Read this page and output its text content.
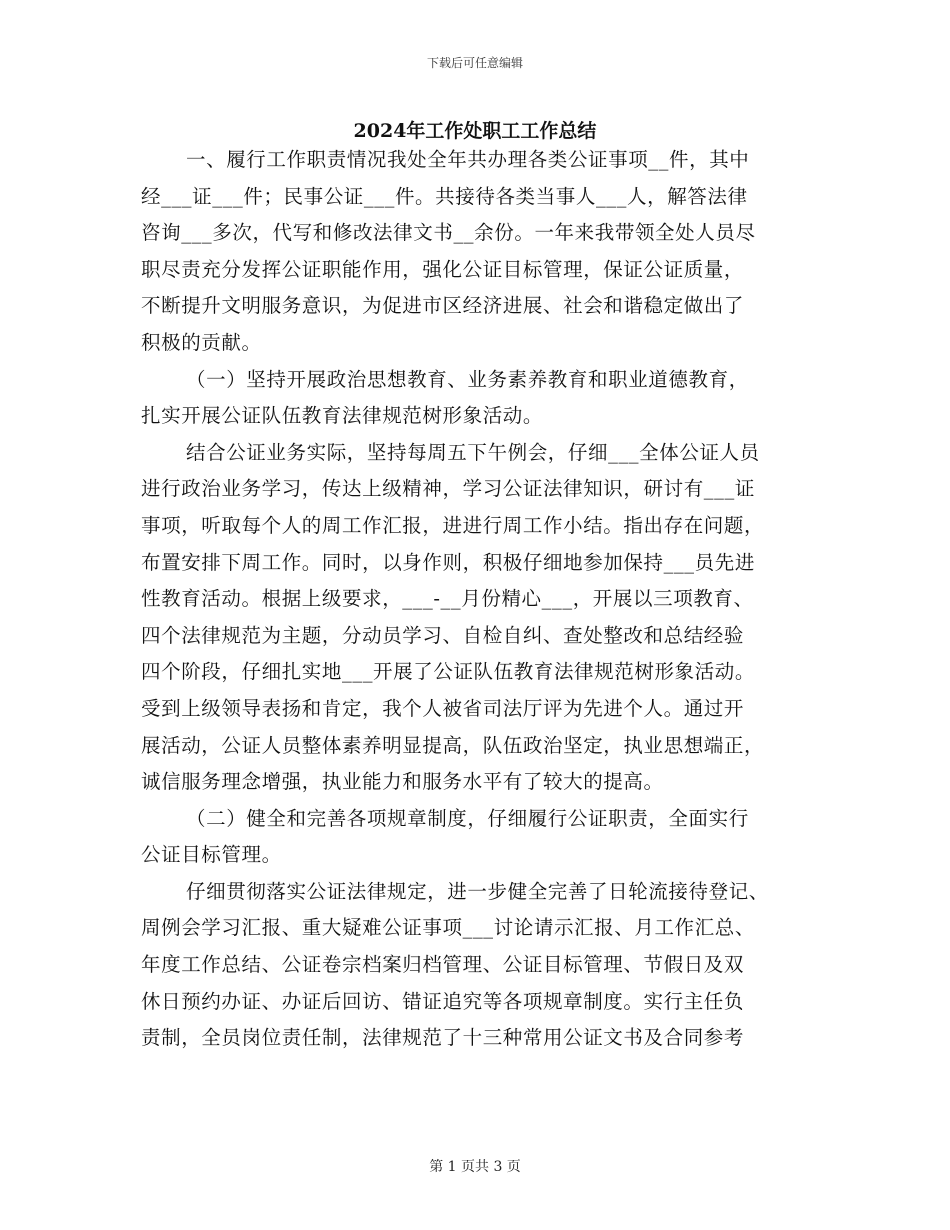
下载后可任意编辑
2024年工作处职工工作总结

一、履行工作职责情况我处全年共办理各类公证事项__件，其中

经___证___件；民事公证___件。共接待各类当事人___人，解答法律

咨询___多次，代写和修改法律文书__余份。一年来我带领全处人员尽

职尽责充分发挥公证职能作用，强化公证目标管理，保证公证质量，

不断提升文明服务意识，为促进市区经济进展、社会和谐稳定做出了

积极的贡献。

（一）坚持开展政治思想教育、业务素养教育和职业道德教育，

扎实开展公证队伍教育法律规范树形象活动。

结合公证业务实际，坚持每周五下午例会，仔细___全体公证人员

进行政治业务学习，传达上级精神，学习公证法律知识，研讨有___证

事项，听取每个人的周工作汇报，进进行周工作小结。指出存在问题，

布置安排下周工作。同时，以身作则，积极仔细地参加保持___员先进

性教育活动。根据上级要求，___-__月份精心___，开展以三项教育、

四个法律规范为主题，分动员学习、自检自纠、查处整改和总结经验

四个阶段，仔细扎实地___开展了公证队伍教育法律规范树形象活动。

受到上级领导表扬和肯定，我个人被省司法厅评为先进个人。通过开

展活动，公证人员整体素养明显提高，队伍政治坚定，执业思想端正，

诚信服务理念增强，执业能力和服务水平有了较大的提高。

（二）健全和完善各项规章制度，仔细履行公证职责，全面实行

公证目标管理。

仔细贯彻落实公证法律规定，进一步健全完善了日轮流接待登记、

周例会学习汇报、重大疑难公证事项___讨论请示汇报、月工作汇总、

年度工作总结、公证卷宗档案归档管理、公证目标管理、节假日及双

休日预约办证、办证后回访、错证追究等各项规章制度。实行主任负

责制，全员岗位责任制，法律规范了十三种常用公证文书及合同参考

第 1 页共 3 页
